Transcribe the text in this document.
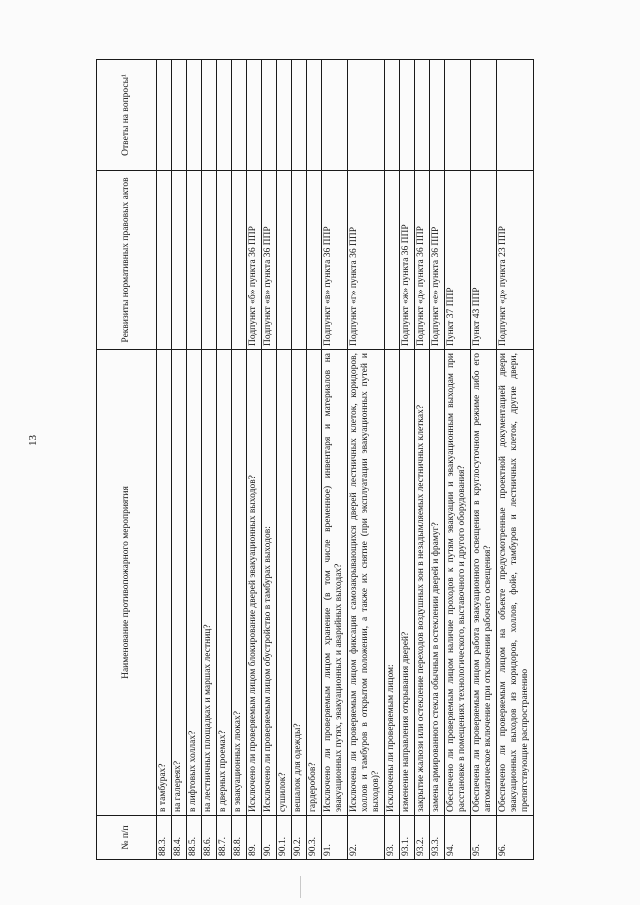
13
№ п/п	Наименование противопожарного мероприятия	Реквизиты нормативных правовых актов	Ответы на вопросы¹
88.3.	в тамбурах?		
88.4.	на галереях?		
88.5.	в лифтовых холлах?		
88.6.	на лестничных площадках и маршах лестниц?		
88.7.	в дверных проемах?		
88.8.	в эвакуационных люках?		
89.	Исключено ли проверяемым лицом блокирование дверей эвакуационных выходов?	Подпункт «б» пункта 36 ППР	
90.	Исключено ли проверяемым лицом обустройство в тамбурах выходов:	Подпункт «в» пункта 36 ППР	
90.1.	сушилок?		
90.2.	вешалок для одежды?		
90.3.	гардеробов?		
91.	Исключено ли проверяемым лицом хранение (в том числе временное) инвентаря и материалов на эвакуационных путях, эвакуационных и аварийных выходах?	Подпункт «в» пункта 36 ППР	
92.	Исключена ли проверяемым лицом фиксация самозакрывающихся дверей лестничных клеток, коридоров, холлов и тамбуров в открытом положении, а также их снятие (при эксплуатации эвакуационных путей и выходов)?	Подпункт «г» пункта 36 ППР	
93.	Исключены ли проверяемым лицом:		
93.1.	изменение направления открывания дверей?	Подпункт «ж» пункта 36 ППР	
93.2.	закрытие жалюзи или остекление переходов воздушных зон в незадымляемых лестничных клетках?	Подпункт «д» пункта 36 ППР	
93.3.	замена армированного стекла обычным в остеклении дверей и фрамуг?	Подпункт «е» пункта 36 ППР	
94.	Обеспечено ли проверяемым лицом наличие проходов к путям эвакуации и эвакуационным выходам при расстановке в помещениях технологического, выставочного и другого оборудования?	Пункт 37 ППР	
95.	Обеспечена ли проверяемым лицом работа эвакуационного освещения в круглосуточном режиме либо его автоматическое включение при отключении рабочего освещения?	Пункт 43 ППР	
96.	Обеспечено ли проверяемым лицом на объекте предусмотренные проектной документацией двери эвакуационных выходов из коридоров, холлов, фойе, тамбуров и лестничных клеток, другие двери, препятствующие распространению	Подпункт «д» пункта 23 ППР	
